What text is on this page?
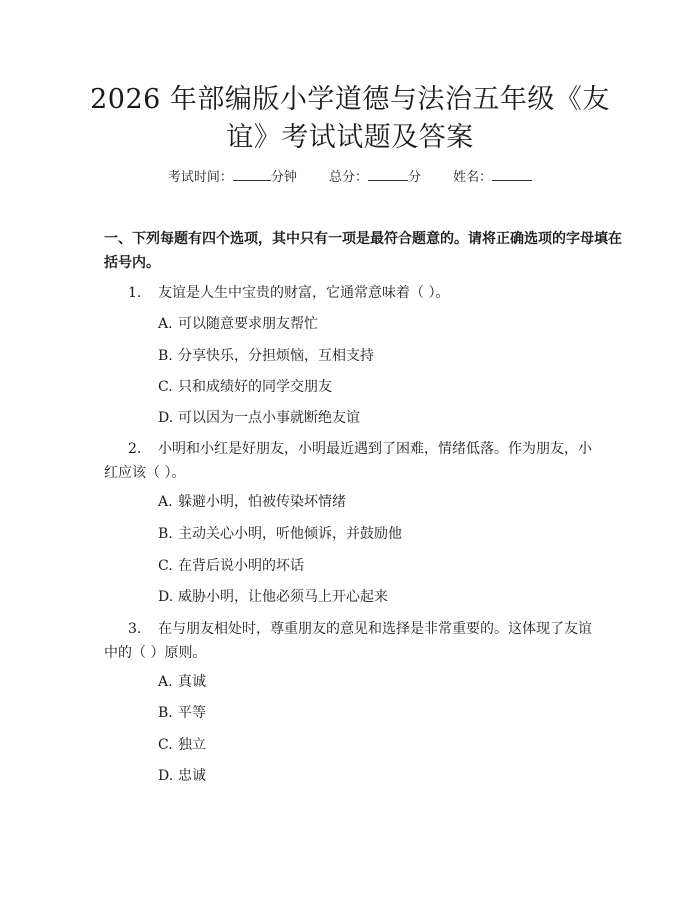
2026 年部编版小学道德与法治五年级《友
谊》考试试题及答案
考试时间：	分钟 总分：	分 姓名：
一、下列每题有四个选项，其中只有一项是最符合题意的。请将正确选项的字母填在括号内。
1. 友谊是人生中宝贵的财富，它通常意味着（ ）。
A. 可以随意要求朋友帮忙
B. 分享快乐，分担烦恼，互相支持
C. 只和成绩好的同学交朋友
D. 可以因为一点小事就断绝友谊
2. 小明和小红是好朋友，小明最近遇到了困难，情绪低落。作为朋友，小红应该（ ）。
A. 躲避小明，怕被传染坏情绪
B. 主动关心小明，听他倾诉，并鼓励他
C. 在背后说小明的坏话
D. 威胁小明，让他必须马上开心起来
3. 在与朋友相处时，尊重朋友的意见和选择是非常重要的。这体现了友谊中的（ ）原则。
A. 真诚
B. 平等
C. 独立
D. 忠诚
